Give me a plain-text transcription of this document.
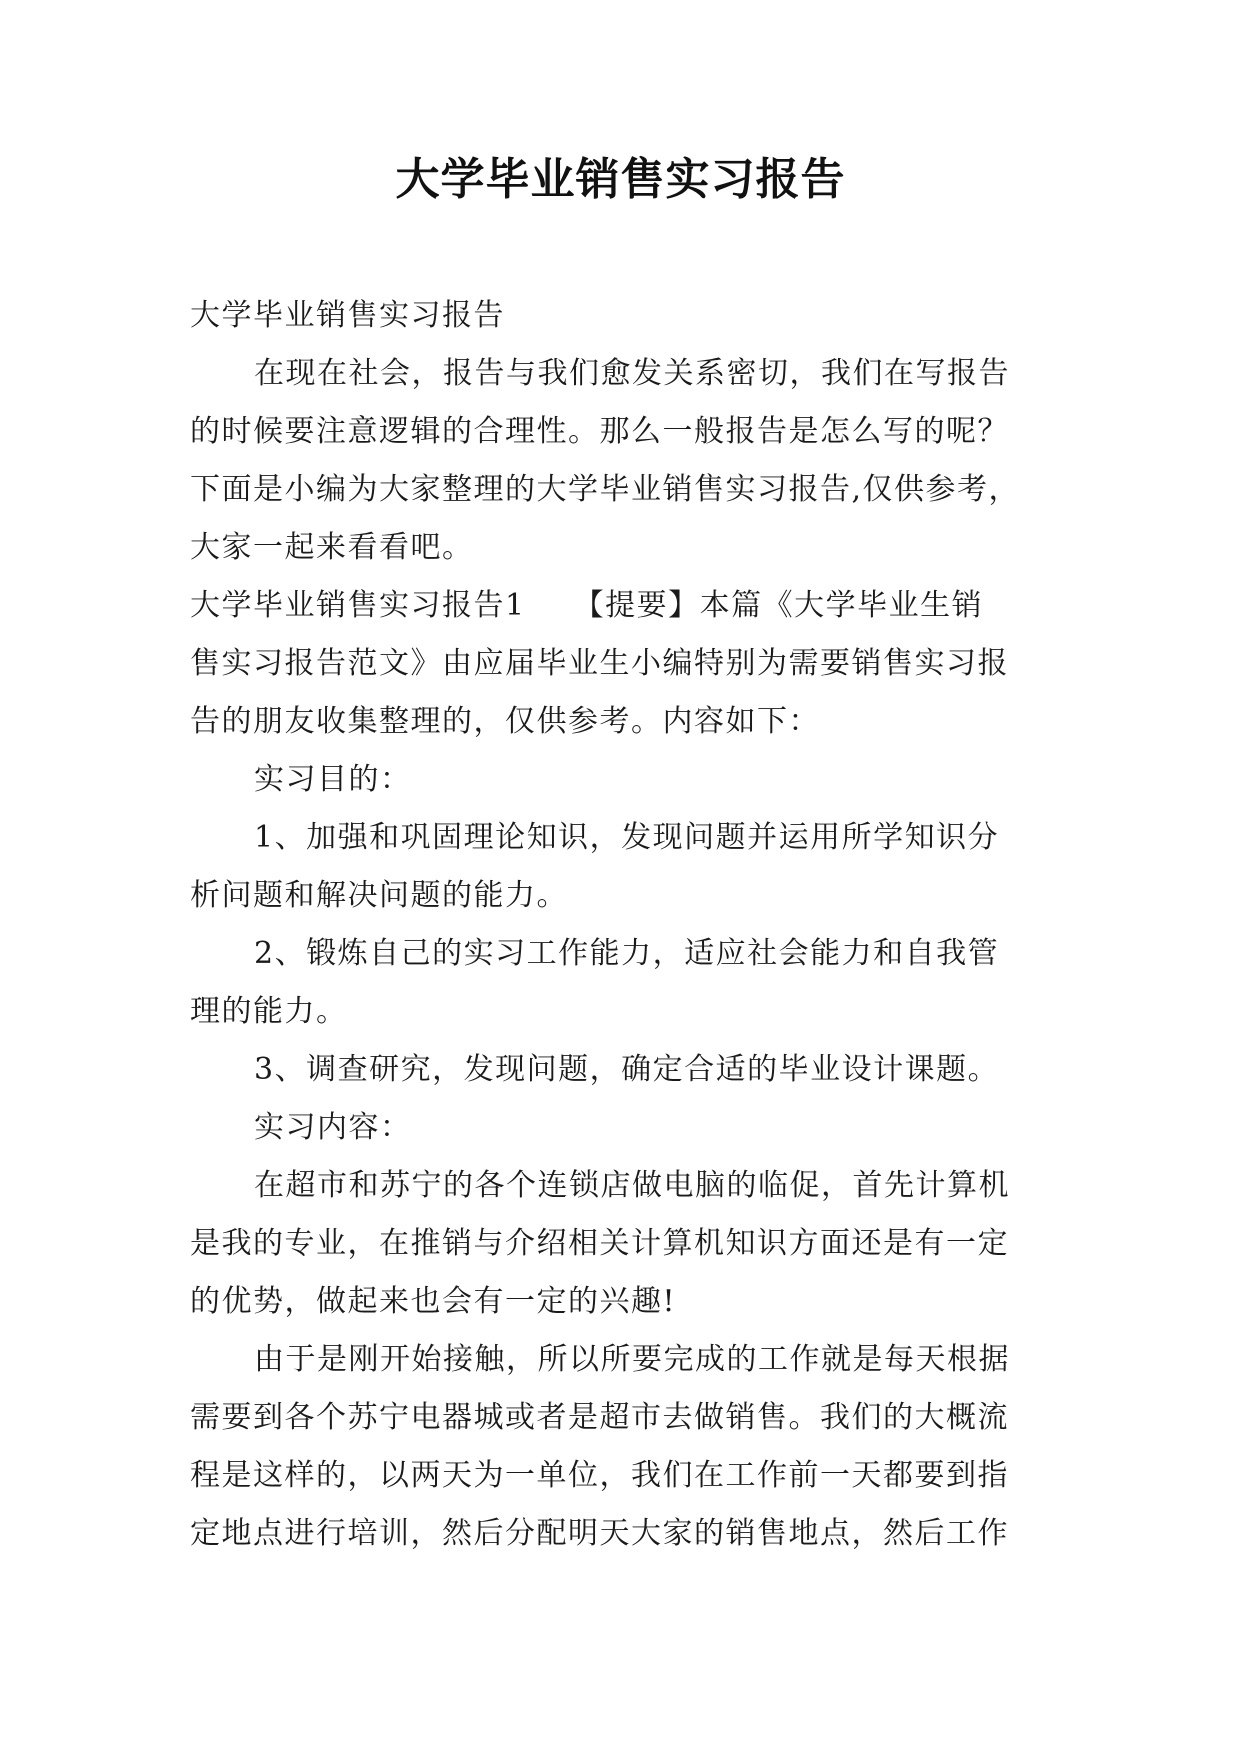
大学毕业销售实习报告
大学毕业销售实习报告
在现在社会，报告与我们愈发关系密切，我们在写报告
的时候要注意逻辑的合理性。那么一般报告是怎么写的呢？
下面是小编为大家整理的大学毕业销售实习报告,仅供参考，
大家一起来看看吧。
大学毕业销售实习报告1　　【提要】本篇《大学毕业生销
售实习报告范文》由应届毕业生小编特别为需要销售实习报
告的朋友收集整理的，仅供参考。内容如下：
实习目的：
1、加强和巩固理论知识，发现问题并运用所学知识分
析问题和解决问题的能力。
2、锻炼自己的实习工作能力，适应社会能力和自我管
理的能力。
3、调查研究，发现问题，确定合适的毕业设计课题。
实习内容：
在超市和苏宁的各个连锁店做电脑的临促，首先计算机
是我的专业，在推销与介绍相关计算机知识方面还是有一定
的优势，做起来也会有一定的兴趣!
由于是刚开始接触，所以所要完成的工作就是每天根据
需要到各个苏宁电器城或者是超市去做销售。我们的大概流
程是这样的，以两天为一单位，我们在工作前一天都要到指
定地点进行培训，然后分配明天大家的销售地点，然后工作
